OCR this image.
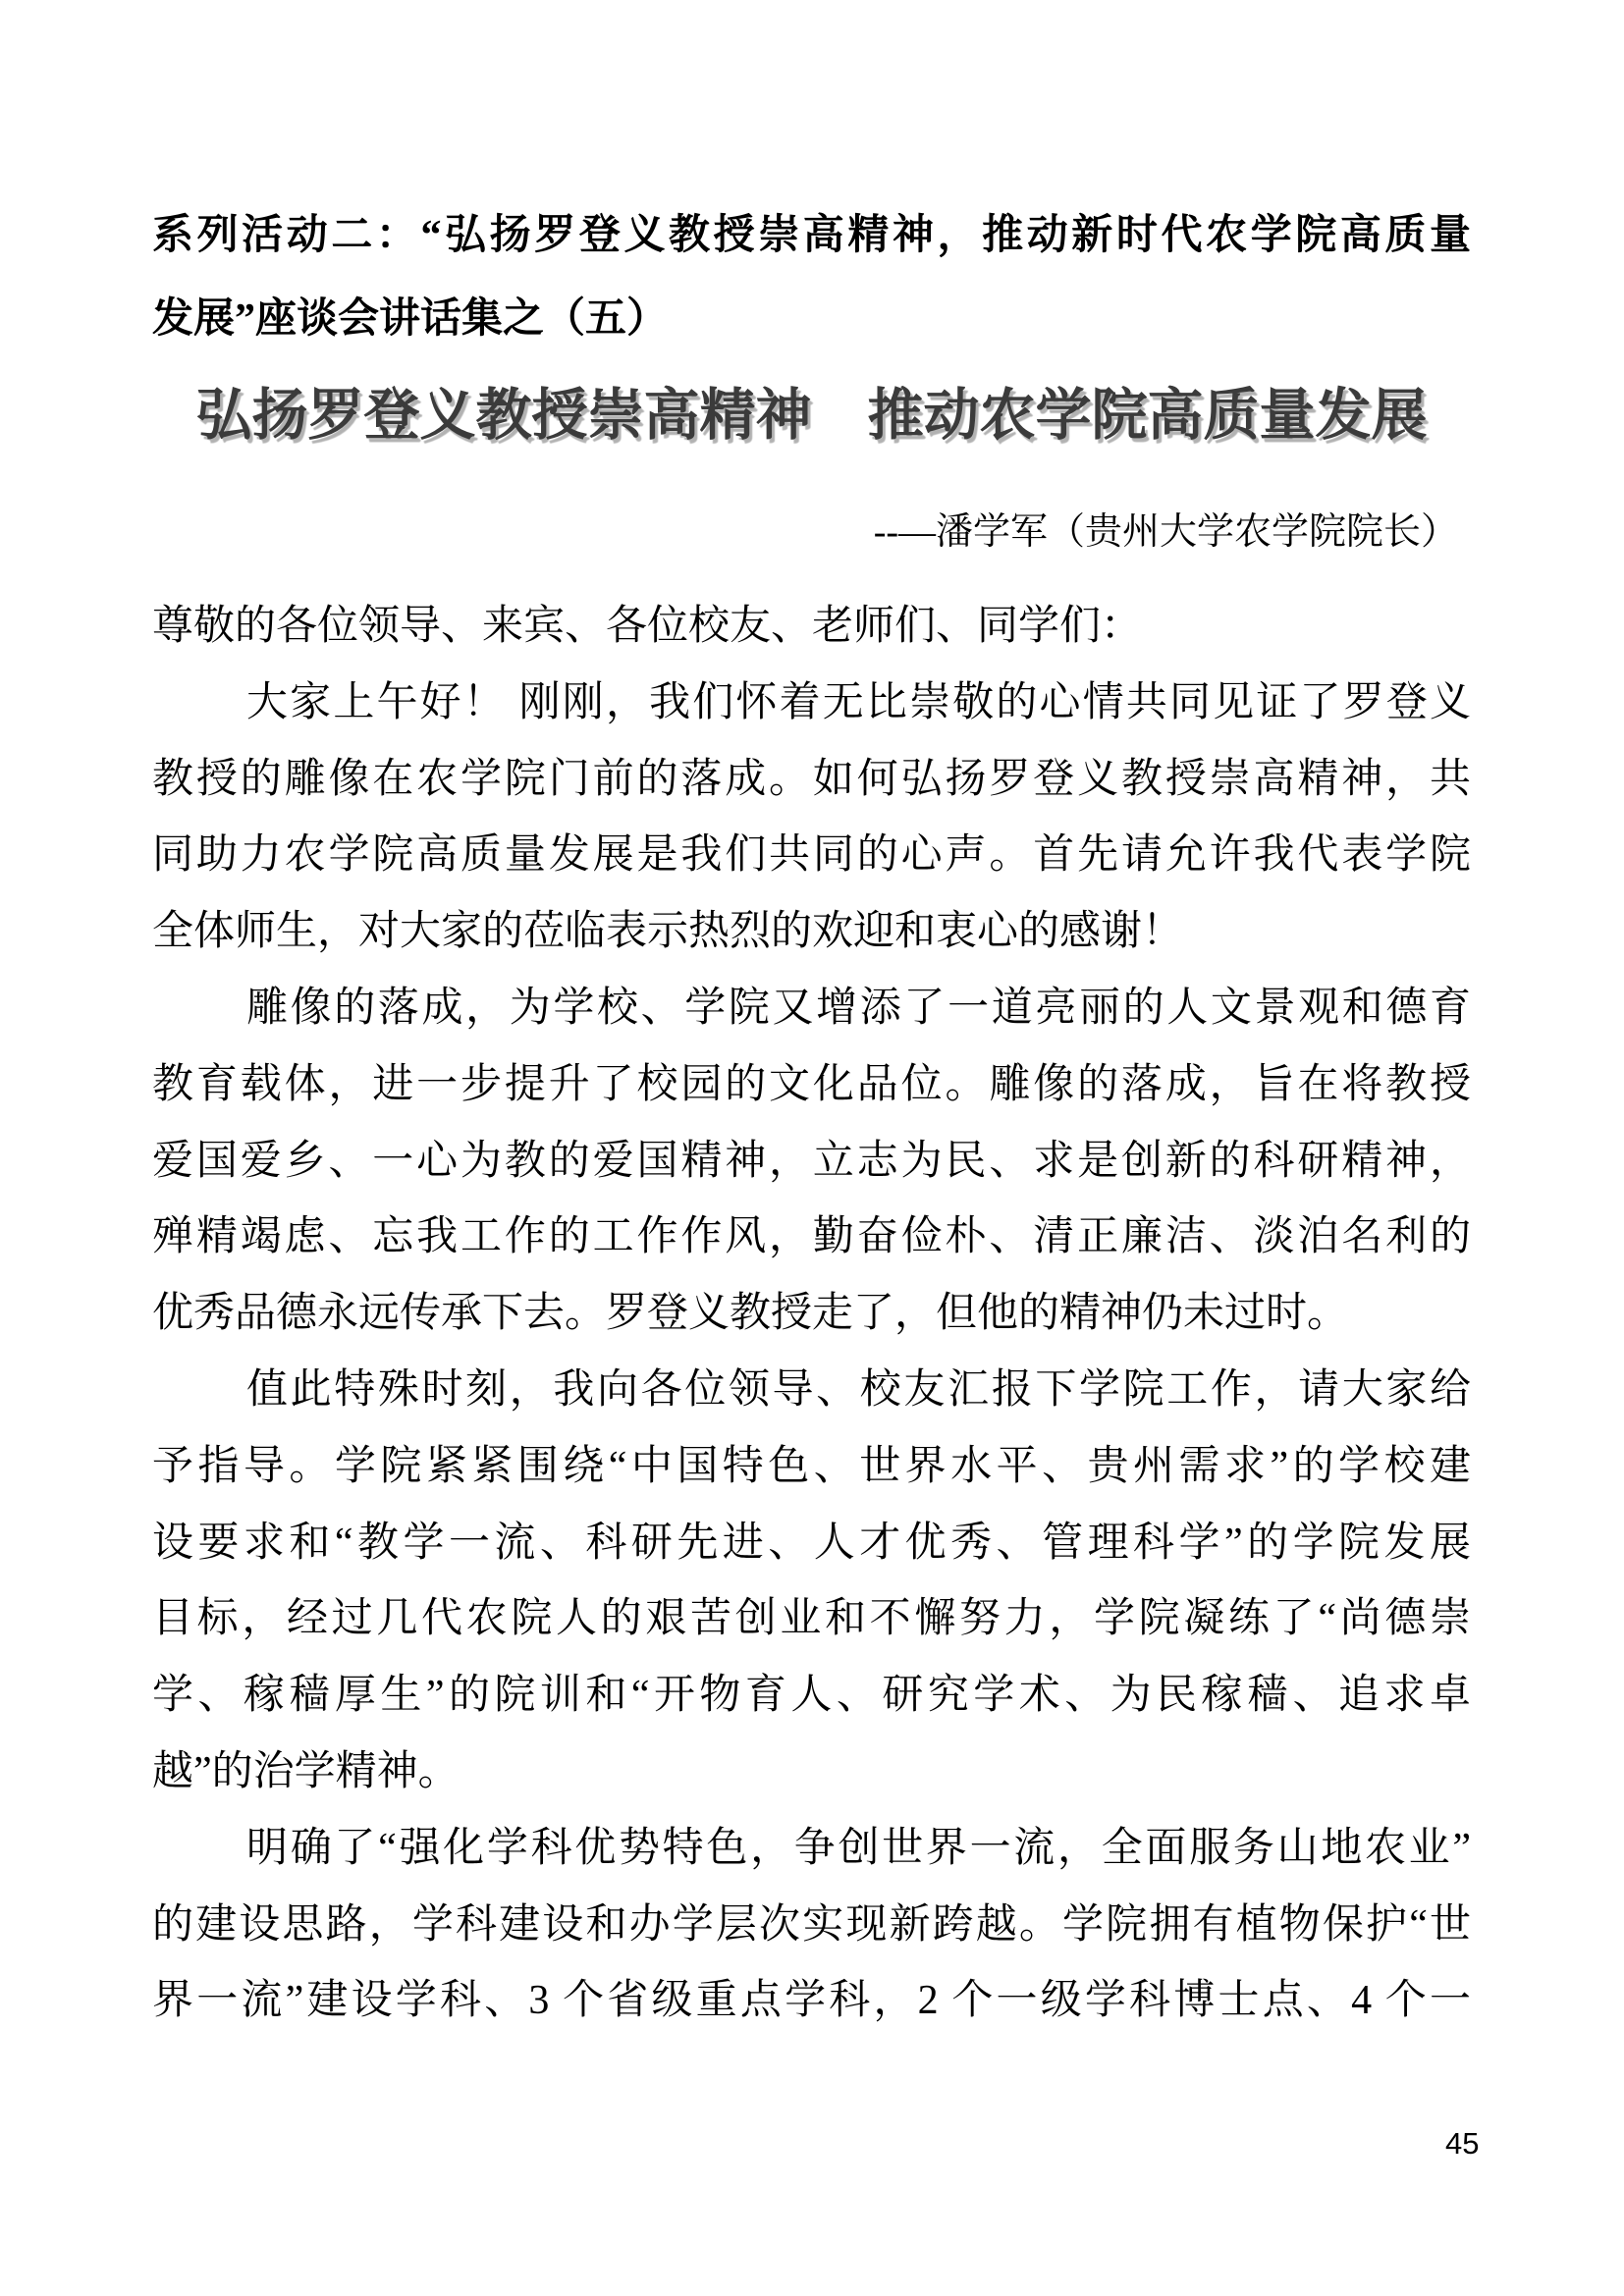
系列活动二：“弘扬罗登义教授崇高精神，推动新时代农学院高质量
发展”座谈会讲话集之（五）
弘扬罗登义教授崇高精神　推动农学院高质量发展
--—潘学军（贵州大学农学院院长）
尊敬的各位领导、来宾、各位校友、老师们、同学们：
大家上午好！ 刚刚，我们怀着无比崇敬的心情共同见证了罗登义
教授的雕像在农学院门前的落成。如何弘扬罗登义教授崇高精神，共
同助力农学院高质量发展是我们共同的心声。首先请允许我代表学院
全体师生，对大家的莅临表示热烈的欢迎和衷心的感谢！
雕像的落成，为学校、学院又增添了一道亮丽的人文景观和德育
教育载体，进一步提升了校园的文化品位。雕像的落成，旨在将教授
爱国爱乡、一心为教的爱国精神，立志为民、求是创新的科研精神，
殚精竭虑、忘我工作的工作作风，勤奋俭朴、清正廉洁、淡泊名利的
优秀品德永远传承下去。罗登义教授走了，但他的精神仍未过时。
值此特殊时刻，我向各位领导、校友汇报下学院工作，请大家给
予指导。学院紧紧围绕“中国特色、世界水平、贵州需求”的学校建
设要求和“教学一流、科研先进、人才优秀、管理科学”的学院发展
目标，经过几代农院人的艰苦创业和不懈努力，学院凝练了“尚德崇
学、稼穑厚生”的院训和“开物育人、研究学术、为民稼穑、追求卓
越”的治学精神。
明确了“强化学科优势特色，争创世界一流，全面服务山地农业”
的建设思路，学科建设和办学层次实现新跨越。学院拥有植物保护“世
界一流”建设学科、3 个省级重点学科，2 个一级学科博士点、4 个一
45
